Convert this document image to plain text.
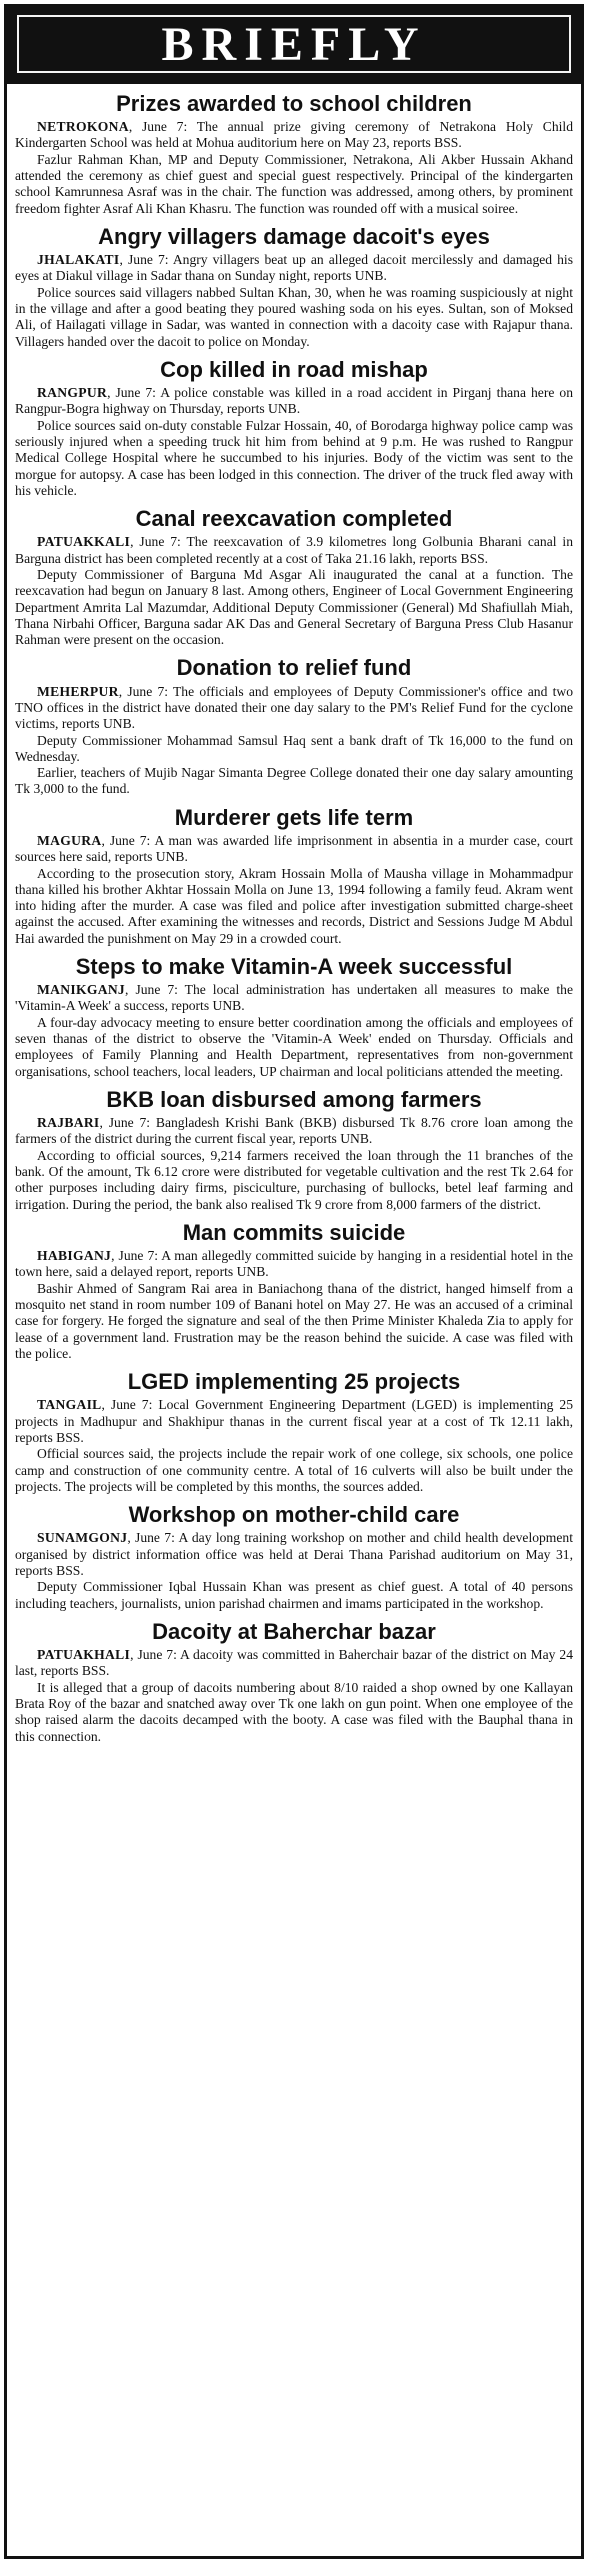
BRIEFLY
Prizes awarded to school children

NETROKONA, June 7: The annual prize giving ceremony of Netrakona Holy Child Kindergarten School was held at Mohua auditorium here on May 23, reports BSS.

Fazlur Rahman Khan, MP and Deputy Commissioner, Netrakona, Ali Akber Hussain Akhand attended the ceremony as chief guest and special guest respectively. Principal of the kindergarten school Kamrunnesa Asraf was in the chair. The function was addressed, among others, by prominent freedom fighter Asraf Ali Khan Khasru. The function was rounded off with a musical soiree.

Angry villagers damage dacoit's eyes

JHALAKATI, June 7: Angry villagers beat up an alleged dacoit mercilessly and damaged his eyes at Diakul village in Sadar thana on Sunday night, reports UNB.

Police sources said villagers nabbed Sultan Khan, 30, when he was roaming suspiciously at night in the village and after a good beating they poured washing soda on his eyes. Sultan, son of Moksed Ali, of Hailagati village in Sadar, was wanted in connection with a dacoity case with Rajapur thana. Villagers handed over the dacoit to police on Monday.

Cop killed in road mishap

RANGPUR, June 7: A police constable was killed in a road accident in Pirganj thana here on Rangpur-Bogra highway on Thursday, reports UNB.

Police sources said on-duty constable Fulzar Hossain, 40, of Borodarga highway police camp was seriously injured when a speeding truck hit him from behind at 9 p.m. He was rushed to Rangpur Medical College Hospital where he succumbed to his injuries. Body of the victim was sent to the morgue for autopsy. A case has been lodged in this connection. The driver of the truck fled away with his vehicle.

Canal reexcavation completed

PATUAKKALI, June 7: The reexcavation of 3.9 kilometres long Golbunia Bharani canal in Barguna district has been completed recently at a cost of Taka 21.16 lakh, reports BSS.

Deputy Commissioner of Barguna Md Asgar Ali inaugurated the canal at a function. The reexcavation had begun on January 8 last. Among others, Engineer of Local Government Engineering Department Amrita Lal Mazumdar, Additional Deputy Commissioner (General) Md Shafiullah Miah, Thana Nirbahi Officer, Barguna sadar AK Das and General Secretary of Barguna Press Club Hasanur Rahman were present on the occasion.

Donation to relief fund

MEHERPUR, June 7: The officials and employees of Deputy Commissioner's office and two TNO offices in the district have donated their one day salary to the PM's Relief Fund for the cyclone victims, reports UNB.

Deputy Commissioner Mohammad Samsul Haq sent a bank draft of Tk 16,000 to the fund on Wednesday.

Earlier, teachers of Mujib Nagar Simanta Degree College donated their one day salary amounting Tk 3,000 to the fund.

Murderer gets life term

MAGURA, June 7: A man was awarded life imprisonment in absentia in a murder case, court sources here said, reports UNB.

According to the prosecution story, Akram Hossain Molla of Mausha village in Mohammadpur thana killed his brother Akhtar Hossain Molla on June 13, 1994 following a family feud. Akram went into hiding after the murder. A case was filed and police after investigation submitted charge-sheet against the accused. After examining the witnesses and records, District and Sessions Judge M Abdul Hai awarded the punishment on May 29 in a crowded court.

Steps to make Vitamin-A week successful

MANIKGANJ, June 7: The local administration has undertaken all measures to make the 'Vitamin-A Week' a success, reports UNB.

A four-day advocacy meeting to ensure better coordination among the officials and employees of seven thanas of the district to observe the 'Vitamin-A Week' ended on Thursday. Officials and employees of Family Planning and Health Department, representatives from non-government organisations, school teachers, local leaders, UP chairman and local politicians attended the meeting.

BKB loan disbursed among farmers

RAJBARI, June 7: Bangladesh Krishi Bank (BKB) disbursed Tk 8.76 crore loan among the farmers of the district during the current fiscal year, reports UNB.

According to official sources, 9,214 farmers received the loan through the 11 branches of the bank. Of the amount, Tk 6.12 crore were distributed for vegetable cultivation and the rest Tk 2.64 for other purposes including dairy firms, pisciculture, purchasing of bullocks, betel leaf farming and irrigation. During the period, the bank also realised Tk 9 crore from 8,000 farmers of the district.

Man commits suicide

HABIGANJ, June 7: A man allegedly committed suicide by hanging in a residential hotel in the town here, said a delayed report, reports UNB.

Bashir Ahmed of Sangram Rai area in Baniachong thana of the district, hanged himself from a mosquito net stand in room number 109 of Banani hotel on May 27. He was an accused of a criminal case for forgery. He forged the signature and seal of the then Prime Minister Khaleda Zia to apply for lease of a government land. Frustration may be the reason behind the suicide. A case was filed with the police.

LGED implementing 25 projects

TANGAIL, June 7: Local Government Engineering Department (LGED) is implementing 25 projects in Madhupur and Shakhipur thanas in the current fiscal year at a cost of Tk 12.11 lakh, reports BSS.

Official sources said, the projects include the repair work of one college, six schools, one police camp and construction of one community centre. A total of 16 culverts will also be built under the projects. The projects will be completed by this months, the sources added.

Workshop on mother-child care

SUNAMGONJ, June 7: A day long training workshop on mother and child health development organised by district information office was held at Derai Thana Parishad auditorium on May 31, reports BSS.

Deputy Commissioner Iqbal Hussain Khan was present as chief guest. A total of 40 persons including teachers, journalists, union parishad chairmen and imams participated in the workshop.

Dacoity at Baherchar bazar

PATUAKHALI, June 7: A dacoity was committed in Baherchair bazar of the district on May 24 last, reports BSS.

It is alleged that a group of dacoits numbering about 8/10 raided a shop owned by one Kallayan Brata Roy of the bazar and snatched away over Tk one lakh on gun point. When one employee of the shop raised alarm the dacoits decamped with the booty. A case was filed with the Bauphal thana in this connection.
